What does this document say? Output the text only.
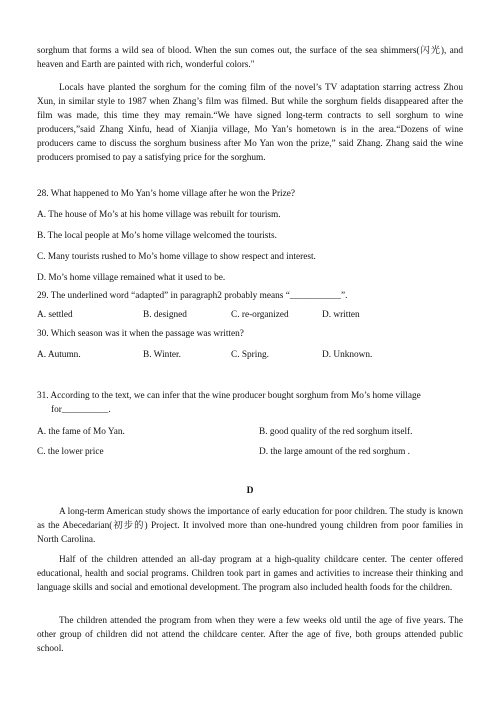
sorghum that forms a wild sea of blood. When the sun comes out, the surface of the sea shimmers(闪光), and heaven and Earth are painted with rich, wonderful colors."

Locals have planted the sorghum for the coming film of the novel’s TV adaptation starring actress Zhou Xun, in similar style to 1987 when Zhang’s film was filmed. But while the sorghum fields disappeared after the film was made, this time they may remain.“We have signed long-term contracts to sell sorghum to wine producers,”said Zhang Xinfu, head of Xianjia village, Mo Yan’s hometown is in the area.“Dozens of wine producers came to discuss the sorghum business after Mo Yan won the prize,” said Zhang. Zhang said the wine producers promised to pay a satisfying price for the sorghum.

28. What happened to Mo Yan’s home village after he won the Prize?

A. The house of Mo’s at his home village was rebuilt for tourism.

B. The local people at Mo’s home village welcomed the tourists.

C. Many tourists rushed to Mo’s home village to show respect and interest.

D. Mo’s home village remained what it used to be.

29. The underlined word “adapted” in paragraph2 probably means “___________”.

A. settled	B. designed	C. re-organized	D. written

30. Which season was it when the passage was written?

A. Autumn.	B. Winter.	C. Spring.	D. Unknown.

31. According to the text, we can infer that the wine producer bought sorghum from Mo’s home village
for__________.

A. the fame of Mo Yan.	B. good quality of the red sorghum itself.

C. the lower price	D. the large amount of the red sorghum .

D

A long-term American study shows the importance of early education for poor children. The study is known as the Abecedarian(初步的) Project. It involved more than one-hundred young children from poor families in North Carolina.

Half of the children attended an all-day program at a high-quality childcare center. The center offered educational, health and social programs. Children took part in games and activities to increase their thinking and language skills and social and emotional development. The program also included health foods for the children.

The children attended the program from when they were a few weeks old until the age of five years. The other group of children did not attend the childcare center. After the age of five, both groups attended public school.
